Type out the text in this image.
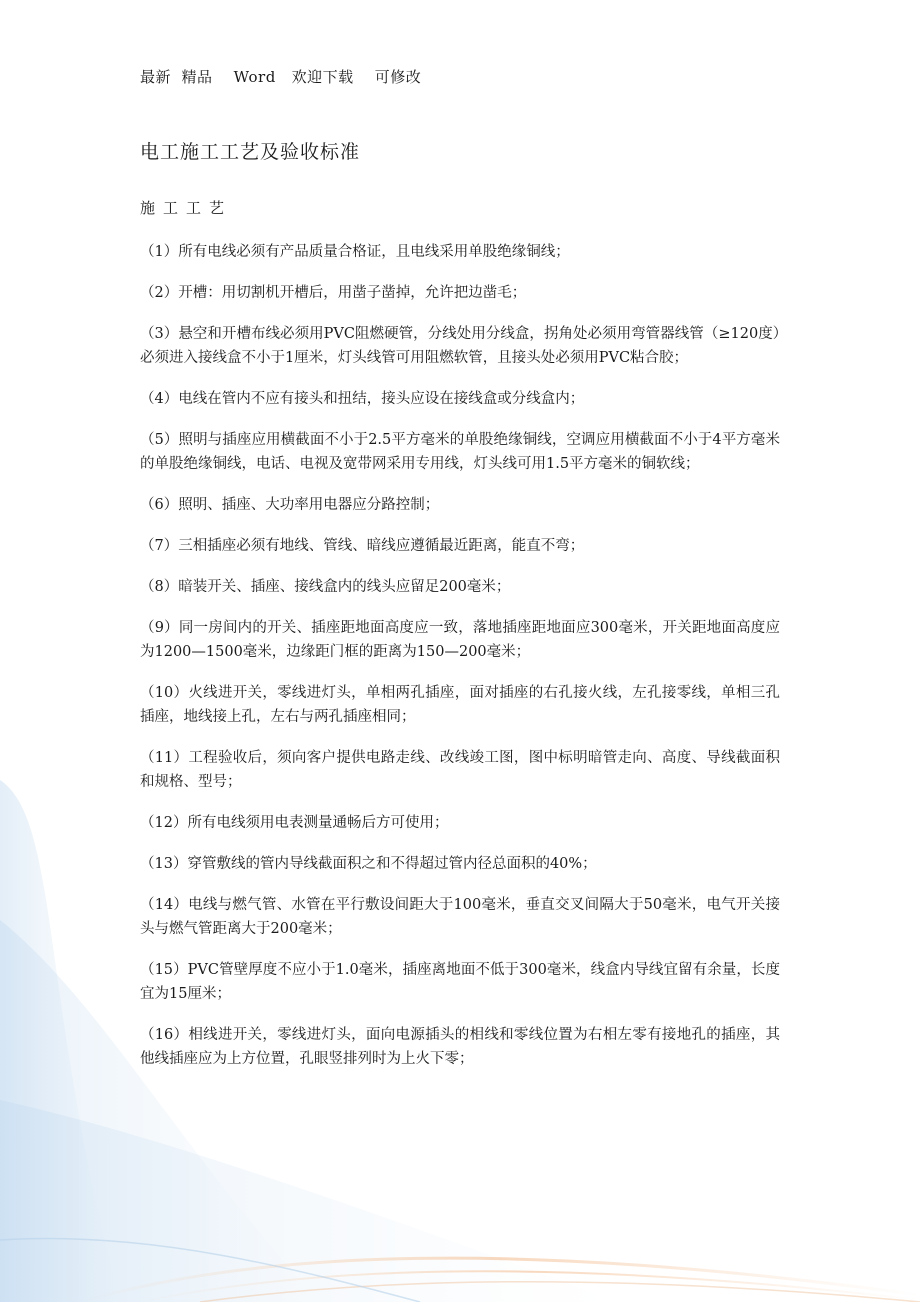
最新  精品    Word   欢迎下载    可修改
电工施工工艺及验收标准
施工工艺

（1）所有电线必须有产品质量合格证，且电线采用单股绝缘铜线；

（2）开槽：用切割机开槽后，用凿子凿掉，允许把边凿毛；

（3）悬空和开槽布线必须用PVC阻燃硬管，分线处用分线盒，拐角处必须用弯管器线管（≥120度）必须进入接线盒不小于1厘米，灯头线管可用阻燃软管，且接头处必须用PVC粘合胶；

（4）电线在管内不应有接头和扭结，接头应设在接线盒或分线盒内；

（5）照明与插座应用横截面不小于2.5平方毫米的单股绝缘铜线，空调应用横截面不小于4平方毫米的单股绝缘铜线，电话、电视及宽带网采用专用线，灯头线可用1.5平方毫米的铜软线；

（6）照明、插座、大功率用电器应分路控制；

（7）三相插座必须有地线、管线、暗线应遵循最近距离，能直不弯；

（8）暗装开关、插座、接线盒内的线头应留足200毫米；

（9）同一房间内的开关、插座距地面高度应一致，落地插座距地面应300毫米，开关距地面高度应为1200—1500毫米，边缘距门框的距离为150—200毫米；

（10）火线进开关，零线进灯头，单相两孔插座，面对插座的右孔接火线，左孔接零线，单相三孔插座，地线接上孔，左右与两孔插座相同；

（11）工程验收后，须向客户提供电路走线、改线竣工图，图中标明暗管走向、高度、导线截面积和规格、型号；

（12）所有电线须用电表测量通畅后方可使用；

（13）穿管敷线的管内导线截面积之和不得超过管内径总面积的40%；

（14）电线与燃气管、水管在平行敷设间距大于100毫米，垂直交叉间隔大于50毫米，电气开关接头与燃气管距离大于200毫米；

（15）PVC管壁厚度不应小于1.0毫米，插座离地面不低于300毫米，线盒内导线宜留有余量，长度宜为15厘米；

（16）相线进开关，零线进灯头，面向电源插头的相线和零线位置为右相左零有接地孔的插座，其他线插座应为上方位置，孔眼竖排列时为上火下零；
